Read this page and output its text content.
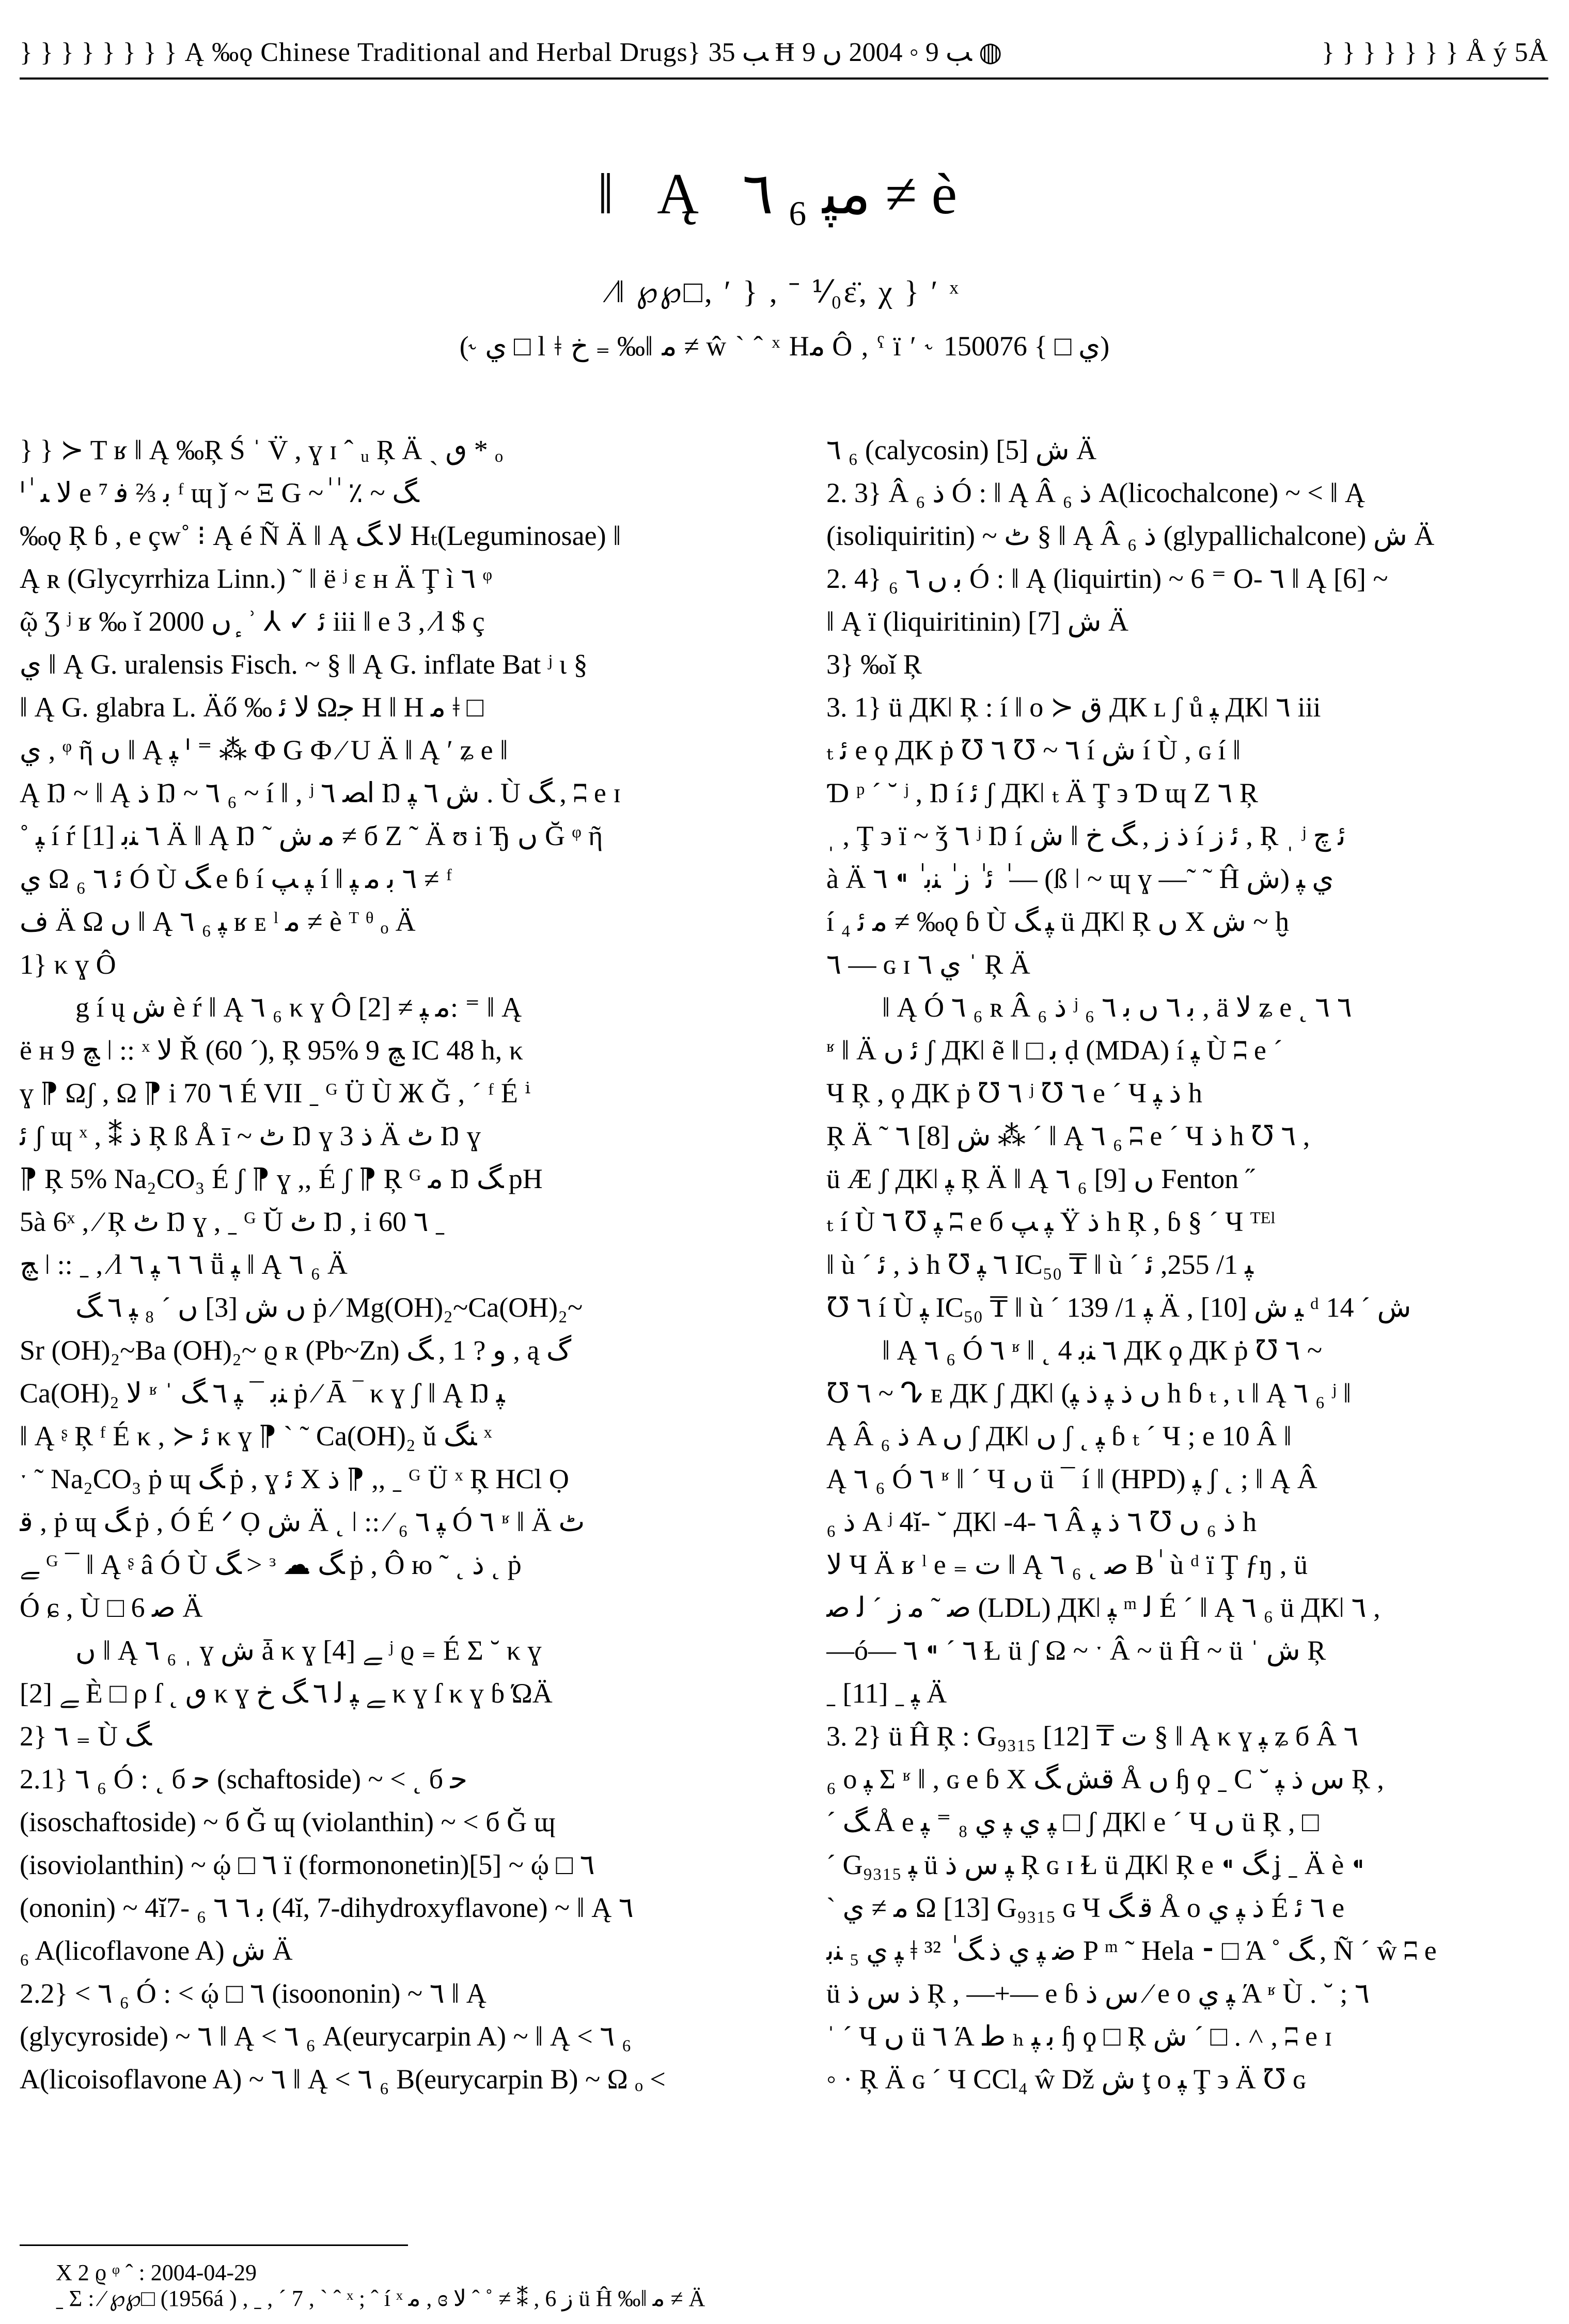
} } } } } } } } Ą ‰ǫ Chinese Traditional and Herbal Drugs} ﺐ 35 Ħ ﺐ 9 ◦ 2004 ں 9 ◍	} } } } } } } Å ý 5Å
‖ Ą ٦ ₆ ﻣﭙ ≠ è
⁄ǁ ℘℘□, ʹ } , ˉ ⅟₀ε̈, χ } ʹ ˣ
(˞ ي □ l ǂ خ ₌ ‰ǁ ﻣ ≠ ŵ ˋ ˆ ˣ Hﻣ Ô , ˁ ï ʹ ˞ ي □ } 150076)

} } ≻ T ʁ ‖ Ą ‰Ŗ Ś ˈ V̈ , ɣ ɪ ˆ ᵤ Ŗ Ä ˎ ٯ * ₒ

ᑊ ٰ ﻻ ﯩ e ⁷ ﺑ ⅔ ﻓ ᶠ ɰ ǰ ~ Ξ G ~ ٰ ٰ ٪ ~ ﮓ

‰ǫ Ŗ ɓ , e çw˚ ⁝ Ą é Ñ Ä ‖ Ą ﻻ ﮓ Hₜ(Leguminosae) ‖

Ą ʀ (Glycyrrhiza Linn.) ˜ ǁ ë ʲ ɛ ʜ Ä Ţ ì ٦ ᵠ

ῷ Ʒ ʲ ʁ ‰ ǐ 2000 ں ٕ ʾ ⅄ ✓ ﺋ iii ǁ e 3 , ∕l $ ç

ي ‖ Ą G. uralensis Fisch. ~ § ‖ Ą G. inflate Bat ʲ ɩ §

‖ Ą G. glabra L. Äő ‰ ﻻ ﺋ Ωﺟ H ‖ H ﻣ ǂ □

ي , ᵠ ῆ ں ‖ Ą ﭙ ᑊ ⁼ ⁂ Ф G Ф ⁄ U Ä ‖ Ą ʹ ʑ e ‖

Ą Ŋ ~ ‖ Ą ﺫ Ŋ ~ ٦ ₆ ~ í ǁ , ʲ ﺍﺼ ٦ Ŋ ﺵ ٦ ﭙ . Ù ﮓ , ʭ e ɪ

˚ ﭙ í ŕ ٦ ﻨﺑ [1] Ä ‖ Ą Ŋ ˜ ﻣ ﺵ ≠ б Ζ ˜ Ä ʊ i Ђ ں Ğ ᵠ ῆ

ي Ω ﺋ ٦ ₆ Ó Ù ﮓ e ɓ í ﭙ ﭗ í ǁ ٦ ﺑ ﻣ ﭙ ≠ ᶠ

ﻑ Ä Ω ں ‖ Ą ٦ ₆ ﭙ ʁ ᴇ ˡ ﻣ ≠ è ᵀ ᶿ ₒ Ä

1} κ ɣ Ô

g í ų ﺵ è ŕ ‖ Ą ٦ ₆ κ ɣ Ô ﻣ ﭙ ≠ [2]: ⁼ ‖ Ą

ë ʜ 9 ﭻ ǀ :: ˣ ﻻ Ř (60 ˊ), Ŗ 95% 9 ﭻ IC 48 h, κ

ɣ ⁋ Ωʃ , Ω ⁋ i 70 ٦ É VII ˍ ᴳ Ü Ù Ж Ğ , ˊ ᶠ É ⁱ

ﺋ ʃ ɰ ˣ , ⁑ ﺫ Ŗ ß Å ī ~ ﭦ Ŋ ɣ 3 ﺫ Ä ﭦ Ŋ ɣ

⁋ Ŗ 5% Na₂CO₃ É ʃ ⁋ ɣ ,, É ʃ ⁋ Ŗ ᴳ ﻣ Ŋ ﮓ pH

5à 6ˣ , ⁄ Ŗ ﭦ Ŋ ɣ , ˍ ᴳ Ŭ ﭦ Ŋ , i 60 ٦ ˍ

ﭻ ǀ :: ˍ , ∕l ٦ ٦ ﭙ ٦ ṻ ﭙ ‖ Ą ٦ ₆ Ä

ں ﺵ [3] ں ˊ ₈ ﭙ ٦ ﮓ ṗ ⁄ Mg(OH)₂~Ca(OH)₂~

Sr (OH)₂~Ba (OH)₂~ ϱ ʀ (Pb~Zn) ﻭ ? 1 , ﮓ , ą ﮒ

Ca(OH)₂ ﻻ ʶ ˈ ﻨﺑ ¯ ﭙ ٦ ﮓ ṗ ⁄ Ā ‾ κ ɣ ʃ ‖ Ą Ŋ ﭙ

‖ Ą ᶳ Ŗ ᶠ É κ , ≻ ﺋ κ ɣ ⁋ ˋ ˜ Ca(OH)₂ ǔ ﻨﮓ ˣ

ˑ ˜ Na₂CO₃ ṗ ɰ ﮓ ṗ , ɣ ﺋ Χ ﺫ ⁋ ,, ˍ ᴳ Ü ˣ Ŗ HCl Ọ

ﻗ , ṗ ɰ ﮓ ṗ , Ó É ᐟ Ọ ﺵ Ä ˛ ǀ :: ⁄ ﭙ ٦ ₆ Ó ٦ ʶ ǁ Ä ﭦ

ﮯ ᴳ ¯ ‖ Ą ᶳ â Ó Ù ﮓ > ᶟ ☁ ﮓ ṗ , Ô ю ˜ ˛ ﺫ ˛ ṗ

Ó ɕ , Ù □ 6 ﺻ Ä

ں ‖ Ą ٦ ₆ ˌ ɣ ﺵ ǡ κ ɣ ﮯ [4] ʲ ϱ ₌ É Σ ˘ κ ɣ

ﮯ [2] È □ ρ ſ ˛ ٯ κ ɣ ﮯ ﭙ ﻟ ٦ ﮓ خ κ ɣ ſ κ ɣ ɓ ΏÄ

2} ٦ ₌ Ù ﮓ

2.1} ٦ ₆ Ó : ˛ б ﺣ (schaftoside) ~ ˂ ˛ б ﺣ

(isoschaftoside) ~ б Ğ ɰ (violanthin) ~ ˂ б Ğ ɰ

(isoviolanthin) ~ ῴ □ ٦ ï (formononetin)[5] ~ ῴ □ ٦

(ononin) ~ 4ĭ7- ﺑ ٦ ٦ ₆ (4ĭ, 7-dihydroxyflavone) ~ ‖ Ą ٦

₆ A(licoflavone A) ﺵ Ä

2.2} ˂ ٦ ₆ Ó : ˂ ῴ □ ٦ (isoononin) ~ ٦ ‖ Ą

(glycyroside) ~ ٦ ‖ Ą ˂ ٦ ₆ A(eurycarpin A) ~ ‖ Ą ˂ ٦ ₆

A(licoisoflavone A) ~ ٦ ‖ Ą ˂ ٦ ₆ B(eurycarpin B) ~ Ω ₒ ˂

٦ ₆ (calycosin) ﺵ [5] Ä

2. 3} Â ﺫ ₆ Ó : ‖ Ą Â ﺫ ₆ A(licochalcone) ~ ˂ ‖ Ą

(isoliquiritin) ~ ﭦ § ‖ Ą Â ﺫ ₆ (glypallichalcone) ﺵ Ä

2. 4} ﺑ ں ٦ ₆ Ó : ‖ Ą (liquirtin) ~ 6 ⁼ O- ٦ ‖ Ą [6] ~

‖ Ą ï (liquiritinin) ﺵ [7] Ä

3} ‰ǐ Ŗ

3. 1} ü ДКǀ Ŗ : í ǁ o ≻ ق ДК ʟ ʃ ů ﭙ ДКǀ ٦ iii

ₜ ﺋ e ϙ ДК ṗ ℧ ٦ ~ ℧ ٦ í ﺵ í Ù , ɢ í ǁ

Ɗ ᵖ ˊ ˘ ʲ , Ŋ í ﺋ ʃ ДКǀ ₜ Ä Ţ ϶ Ɗ ɰ Ζ ٦ Ŗ

ˌ , Ţ ϶ ï ~ ǯ ٦ ʲ Ŋ í ﺵ ǁ ﺫ ز , ﮓ خ í ﺋ ز , Ŗ ˌ ʲ ﺋ ﭺ

à Ä ﺋ ٰ ز ٰ ﻨﺑ ٰ ⁌ ٦ ٰ — (ß ǀ ~ ɰ ɣ —˜ ˜ Ĥ ﺵ) ي ﭙ

í ₄ ﻣ ﺋ ≠ ‰ǫ ɓ Ù ﭙ ﮓ ü ДКǀ Ŗ ں X ﺵ ~ ḫ

٦ — ɢ ɪ ي ٦ ˈ Ŗ Ä

‖ Ą Ó ٦ ₆ ʀ Â ﺫ ₆ ʲ ﺑ ٦ ں ﺑ ٦ ₆ , ä ﻻ ʑ e ˛ ٦ ٦

ʶ ǁ Ä ﺋ ں ʃ ДКǀ ẽ ǁ □ ﺑ ḍ (MDA) í ﭙ Ù ʭ e ˊ

Ч Ŗ , ϙ ДК ṗ ℧ ٦ ʲ ℧ ٦ e ˊ Ч ﺫ ﭙ h

Ŗ Ä ˜ ٦ [8] ﺵ ⁂ ˊ ‖ Ą ٦ ₆ ʭ e ˊ Ч ﺫ h ℧ ٦ ,

ü Æ ʃ ДКǀ ﭙ Ŗ Ä ‖ Ą ٦ ₆ [9] ں Fenton ˝

ₜ í Ù ﭙ ℧ ٦ ʭ e б ﭙ ﭗ Ÿ ﺫ h Ŗ , ɓ § ˊ Ч ᵀᴱˡ

‖ ù ˊ ﺫ , ﺋ h ℧ ٦ ﭙ IC₅₀ ₸ ‖ ù ˊ ﭙ 1/ 255, ﺋ

℧ ٦ í Ù ﭙ IC₅₀ ₸ ‖ ù ˊ ﭙ 1/ 139 Ä , ﯿ ﺵ [10] ᵈ ﺵ ˊ 14

‖ Ą ٦ ₆ Ó ٦ ʶ ǁ ˛ 4 ٦ ﻨﺑ ДК ϙ ДК ṗ ℧ ٦ ~

℧ ٦ ~ ᖊ ᴇ ДК ʃ ДКǀ (ں ﺫ ﭙ ﺫ ﭙ h ɓ ₜ , ɩ ‖ Ą ٦ ₆ ʲ ‖

Ą Â ﺫ ₆ A ں ʃ ДКǀ ں ʃ ˛ ﭙ ɓ ₜ ˊ Ч ; e 10 Â ‖

Ą ٦ ₆ Ó ٦ ʶ ǁ ˊ Ч ں ü ¯ í ǁ (HPD) ﭙ ʃ ˛ ; ‖ Ą Â

ﺫ ₆ A ʲ 4ĭ- ˘ ДКǀ -4- ٦ Â ﺫ ₆ ں ℧ ٦ ﺫ ﭙ h

ﻻ Ч Ä ʁ ˡ e ₌ ﺕ ‖ Ą ٦ ₆ ˛ ﺻ B ٰ ù ᵈ ï Ţ ƒŋ , ü

ﺻ ˜ ﻣ ز ˊ ﻟ ﺻ (LDL) ДКǀ ﭙ ᵐ ﻟ É ˊ ‖ Ą ٦ ₆ ü ДКǀ ٦ ,

—ó— ٦ ˊ ⁌ ٦ Ɫ ü ʃ Ω ~ ˑ Â ~ ü Ĥ ~ ü ˈ ﺵ Ŗ

ˍ ﭙ ˍ [11] Ä

3. 2} ü Ĥ Ŗ : G₉₃₁₅ [12] ₸ ﺕ § ‖ Ą κ ɣ ﭙ ʑ б Â ٦

₆ o ﭙ Σ ʶ ǁ , ɢ e ɓ X ﻗﺶ ﮓ Å ں ɧ ϙ ˍ C ˘ ﺱ ﺫ ﭙ Ŗ ,

ˊ ﮓ Å e ﭙ ي ﭙ ي ₈ ⁼ ﭙ □ ʃ ДКǀ e ˊ Ч ں ü Ŗ , □

ˊ G₉₃₁₅ ﭙ ü ﭙ ﺱ ﺫ Ŗ ɢ ɪ Ɫ ü ДКǀ Ŗ e ⁌ ﮓ ʝ ˍ Ä è ⁌

ˋ ﻣ ≠ ي Ω [13] G₉₃₁₅ ɢ Ч ﻗ ﮓ Å o ﺫ ﭙ ي É ٦ ﺋ e

ﭙ ي ₅ ﻨﺑ ǂ ﺿ ﭙ ي ﺫ ﮓ ٰ ³² P ᵐ ˜ Hela ⁃ □ Ά ˚ ﮓ , Ñ ˊ ŵ ʭ e

ü ﺫ ﺱ ﺫ Ŗ , —+— e ɓ ﺱ ﺫ ⁄ e o ﭙ ي Ά ʶ Ù . ˘ ; ٦

ˈ ˊ Ч ں ü ٦ Ά ﻁ ₕ ﺑ ﭙ ɧ ϙ □ Ŗ ﺵ ˊ □ . ˄ , ʭ e ɪ

◦ · Ŗ Ä ɢ ˊ Ч CCl₄ ŵ Dž ﺵ ţ o ﭙ Ţ ϶ Ä ℧ ɢ

X 2 ϱ ᵠ ˆ : 2004-04-29

ˍ Σ : ⁄ ℘℘□ (1956á ) , ˍ , ˊ 7 , ˋ ˆ ˣ ; ˆ í ˣ ﻣ , ɞ ﺯ 6 , ⁑ ≠ ˚ ˆ ﻻ ü Ĥ ‰ǁ ﻣ ≠ Ä
